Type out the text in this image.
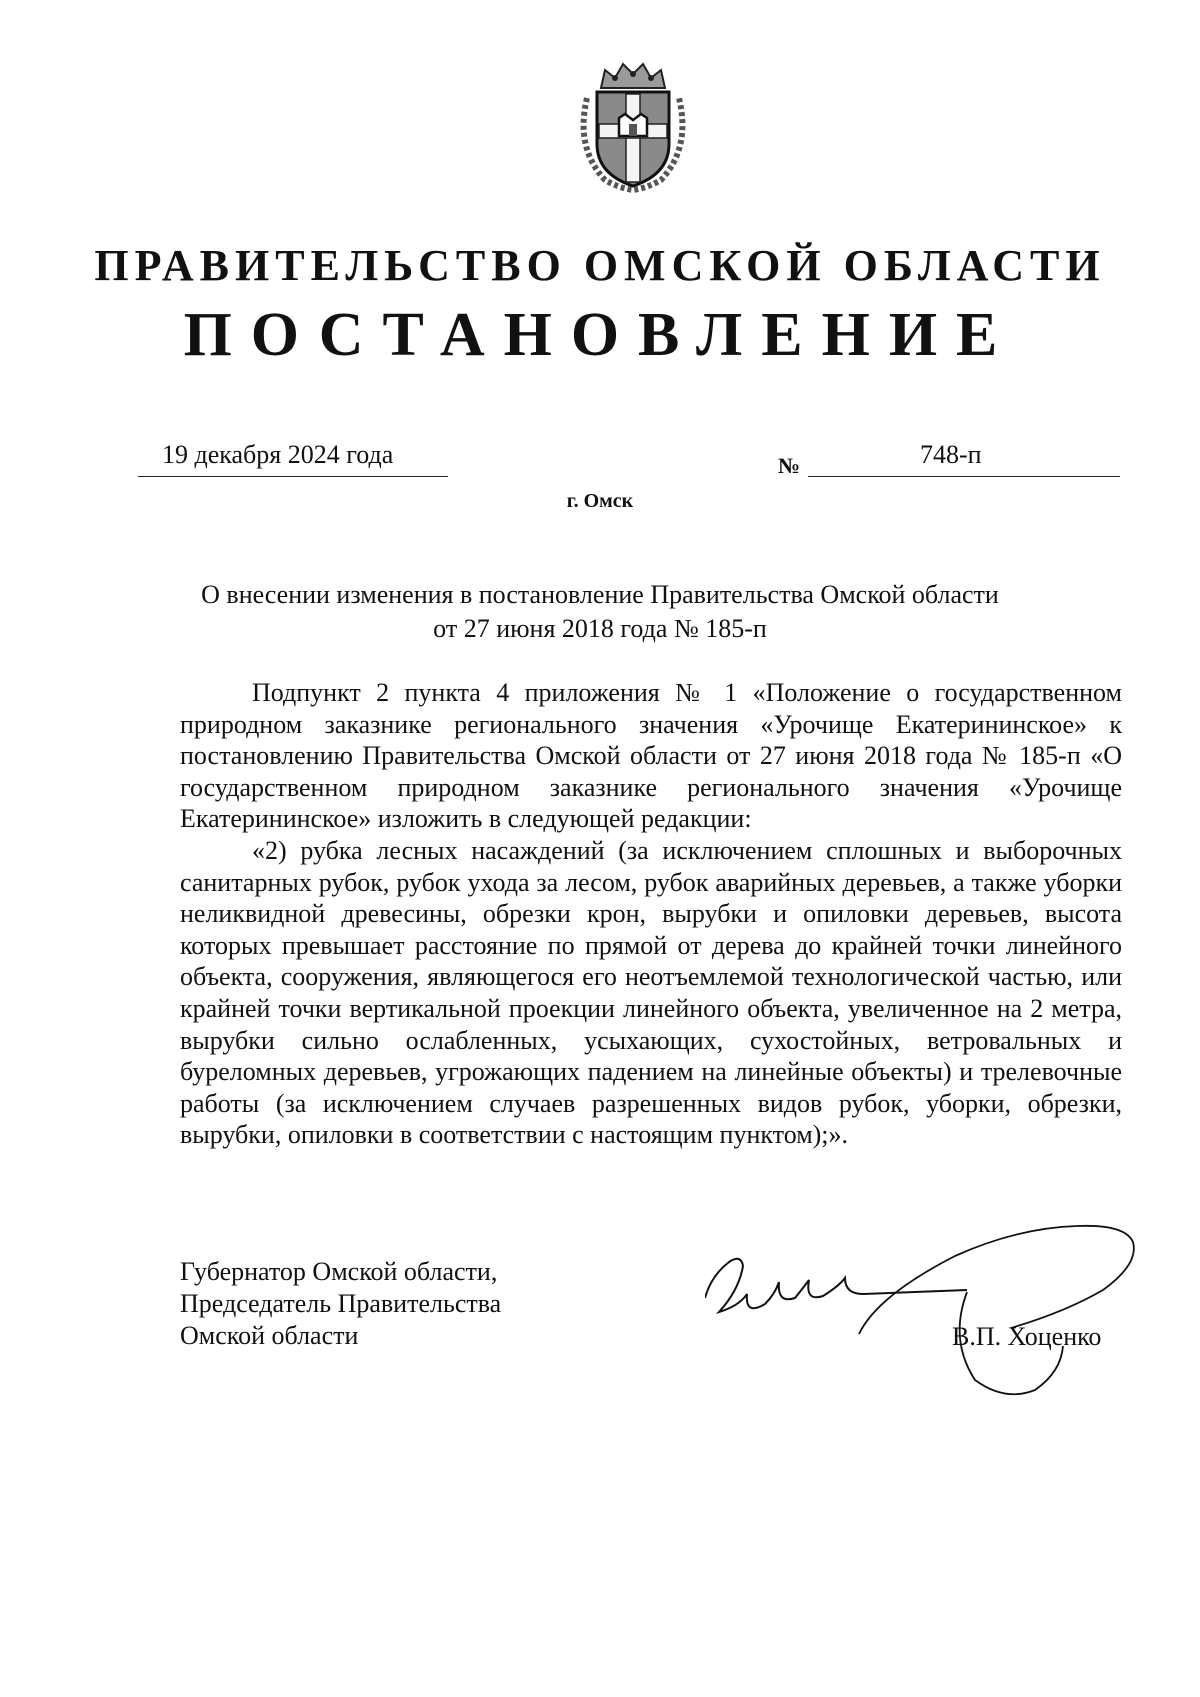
ПРАВИТЕЛЬСТВО ОМСКОЙ ОБЛАСТИ
ПОСТАНОВЛЕНИЕ
19 декабря 2024 года	№	748-п
г. Омск
О внесении изменения в постановление Правительства Омской области
от 27 июня 2018 года № 185-п

Подпункт 2 пункта 4 приложения № 1 «Положение о государственном природном заказнике регионального значения «Урочище Екатерининское» к постановлению Правительства Омской области от 27 июня 2018 года № 185-п «О государственном природном заказнике регионального значения «Урочище Екатерининское» изложить в следующей редакции:

«2) рубка лесных насаждений (за исключением сплошных и выборочных санитарных рубок, рубок ухода за лесом, рубок аварийных деревьев, а также уборки неликвидной древесины, обрезки крон, вырубки и опиловки деревьев, высота которых превышает расстояние по прямой от дерева до крайней точки линейного объекта, сооружения, являющегося его неотъемлемой технологической частью, или крайней точки вертикальной проекции линейного объекта, увеличенное на 2 метра, вырубки сильно ослабленных, усыхающих, сухостойных, ветровальных и буреломных деревьев, угрожающих падением на линейные объекты) и трелевочные работы (за исключением случаев разрешенных видов рубок, уборки, обрезки, вырубки, опиловки в соответствии с настоящим пунктом);».

Губернатор Омской области,
Председатель Правительства
Омской области	В.П. Хоценко
